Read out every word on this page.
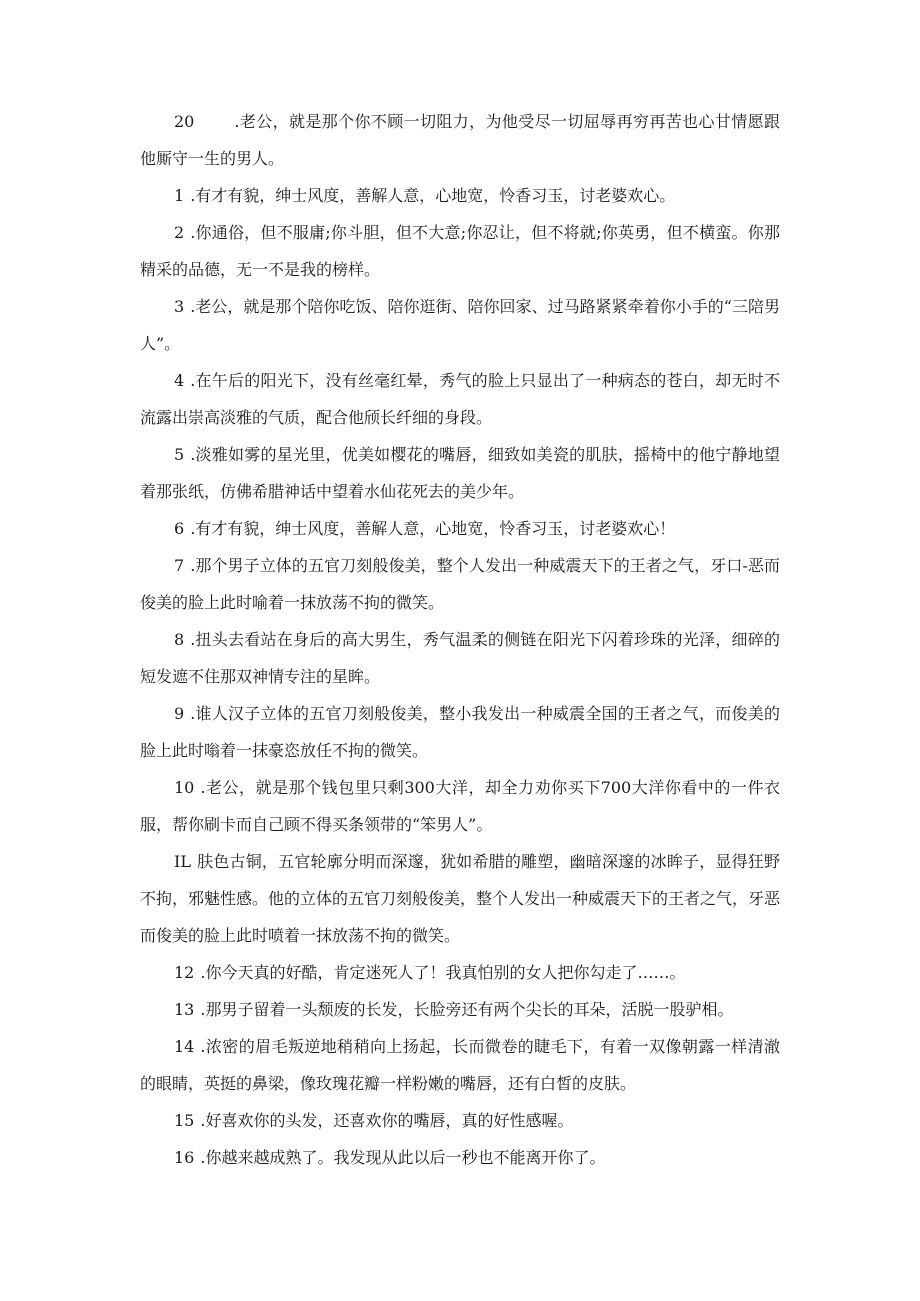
20	.老公，就是那个你不顾一切阻力，为他受尽一切屈辱再穷再苦也心甘情愿跟他厮守一生的男人。

1 .有才有貌，绅士风度，善解人意，心地宽，怜香习玉，讨老婆欢心。

2 .你通俗，但不服庸;你斗胆，但不大意;你忍让，但不将就;你英勇，但不横蛮。你那精采的品德，无一不是我的榜样。

3 .老公，就是那个陪你吃饭、陪你逛街、陪你回家、过马路紧紧牵着你小手的“三陪男人”。

4 .在午后的阳光下，没有丝毫红晕，秀气的脸上只显出了一种病态的苍白，却无时不流露出崇高淡雅的气质，配合他颀长纤细的身段。

5 .淡雅如雾的星光里，优美如樱花的嘴唇，细致如美瓷的肌肤，摇椅中的他宁静地望着那张纸，仿佛希腊神话中望着水仙花死去的美少年。

6 .有才有貌，绅士风度，善解人意，心地宽，怜香习玉，讨老婆欢心！

7 .那个男子立体的五官刀刻般俊美，整个人发出一种威震天下的王者之气，牙口-恶而俊美的脸上此时喻着一抹放荡不拘的微笑。

8 .扭头去看站在身后的高大男生，秀气温柔的侧链在阳光下闪着珍珠的光泽，细碎的短发遮不住那双神情专注的星眸。

9 .谁人汉子立体的五官刀刻般俊美，整小我发出一种威震全国的王者之气，而俊美的脸上此时嗡着一抹豪恣放任不拘的微笑。

10 .老公，就是那个钱包里只剩300大洋，却全力劝你买下700大洋你看中的一件衣服，帮你刷卡而自己顾不得买条领带的“笨男人”。

IL 肤色古铜，五官轮廓分明而深邃，犹如希腊的雕塑，幽暗深邃的冰眸子，显得狂野不拘，邪魅性感。他的立体的五官刀刻般俊美，整个人发出一种威震天下的王者之气，牙恶而俊美的脸上此时喷着一抹放荡不拘的微笑。

12 .你今天真的好酷，肯定迷死人了！我真怕别的女人把你勾走了……。

13 .那男子留着一头颓废的长发，长脸旁还有两个尖长的耳朵，活脱一股驴相。

14 .浓密的眉毛叛逆地稍稍向上扬起，长而微卷的睫毛下，有着一双像朝露一样清澈的眼睛，英挺的鼻梁，像玫瑰花瓣一样粉嫩的嘴唇，还有白皙的皮肤。

15 .好喜欢你的头发，还喜欢你的嘴唇，真的好性感喔。

16 .你越来越成熟了。我发现从此以后一秒也不能离开你了。
